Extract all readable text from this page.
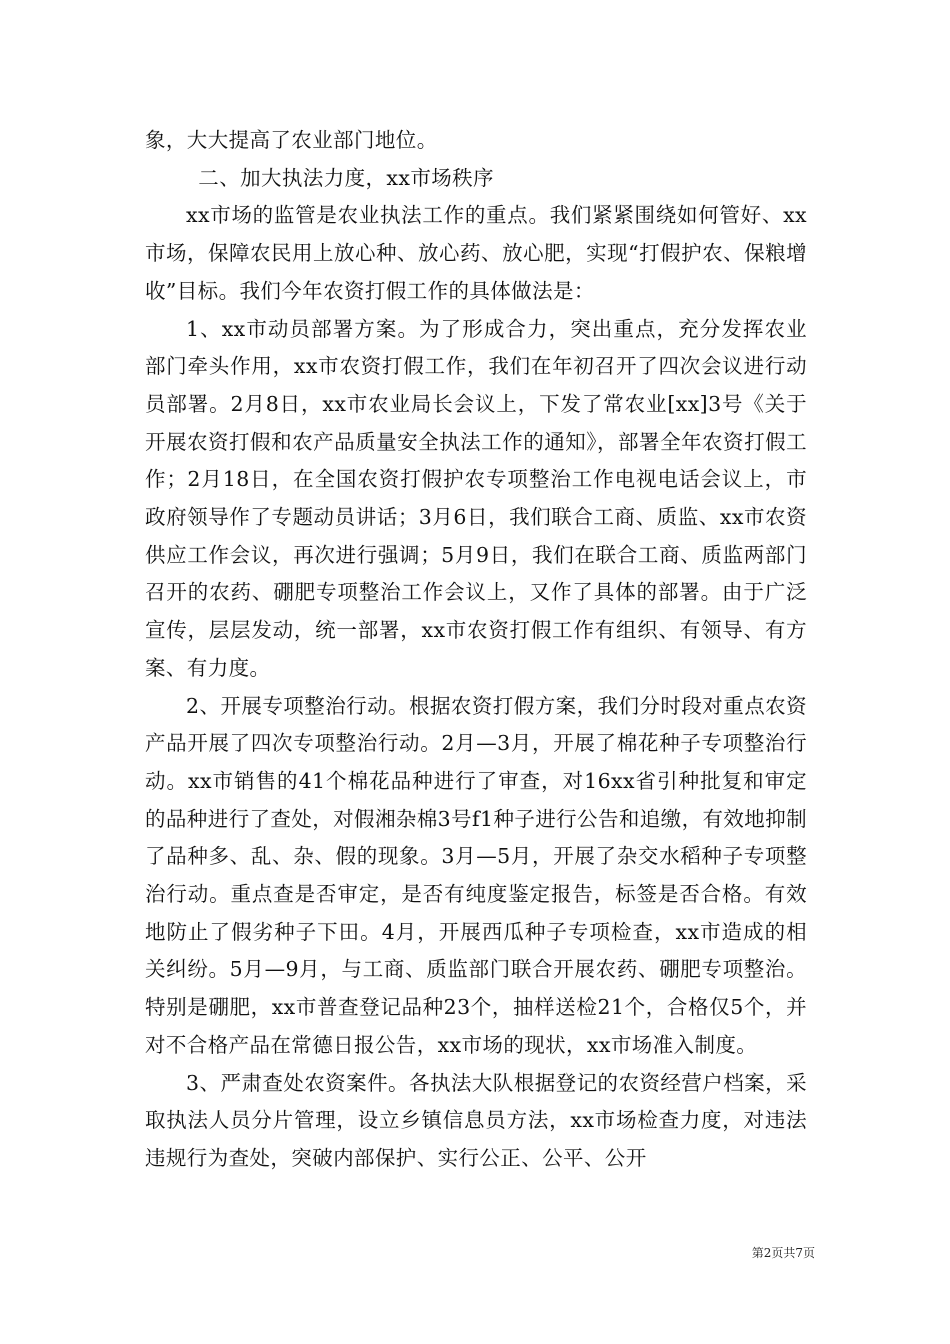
象，大大提高了农业部门地位。

二、加大执法力度，xx市场秩序

xx市场的监管是农业执法工作的重点。我们紧紧围绕如何管好、xx市场，保障农民用上放心种、放心药、放心肥，实现“打假护农、保粮增收”目标。我们今年农资打假工作的具体做法是：

1、xx市动员部署方案。为了形成合力，突出重点，充分发挥农业部门牵头作用，xx市农资打假工作，我们在年初召开了四次会议进行动员部署。2月8日，xx市农业局长会议上，下发了常农业[xx]3号《关于开展农资打假和农产品质量安全执法工作的通知》，部署全年农资打假工作；2月18日，在全国农资打假护农专项整治工作电视电话会议上，市政府领导作了专题动员讲话；3月6日，我们联合工商、质监、xx市农资供应工作会议，再次进行强调；5月9日，我们在联合工商、质监两部门召开的农药、硼肥专项整治工作会议上，又作了具体的部署。由于广泛宣传，层层发动，统一部署，xx市农资打假工作有组织、有领导、有方案、有力度。

2、开展专项整治行动。根据农资打假方案，我们分时段对重点农资产品开展了四次专项整治行动。2月—3月，开展了棉花种子专项整治行动。xx市销售的41个棉花品种进行了审查，对16xx省引种批复和审定的品种进行了查处，对假湘杂棉3号f1种子进行公告和追缴，有效地抑制了品种多、乱、杂、假的现象。3月—5月，开展了杂交水稻种子专项整治行动。重点查是否审定，是否有纯度鉴定报告，标签是否合格。有效地防止了假劣种子下田。4月，开展西瓜种子专项检查，xx市造成的相关纠纷。5月—9月，与工商、质监部门联合开展农药、硼肥专项整治。特别是硼肥，xx市普查登记品种23个，抽样送检21个，合格仅5个，并对不合格产品在常德日报公告，xx市场的现状，xx市场准入制度。

3、严肃查处农资案件。各执法大队根据登记的农资经营户档案，采取执法人员分片管理，设立乡镇信息员方法，xx市场检查力度，对违法违规行为查处，突破内部保护、实行公正、公平、公开

第2页共7页
